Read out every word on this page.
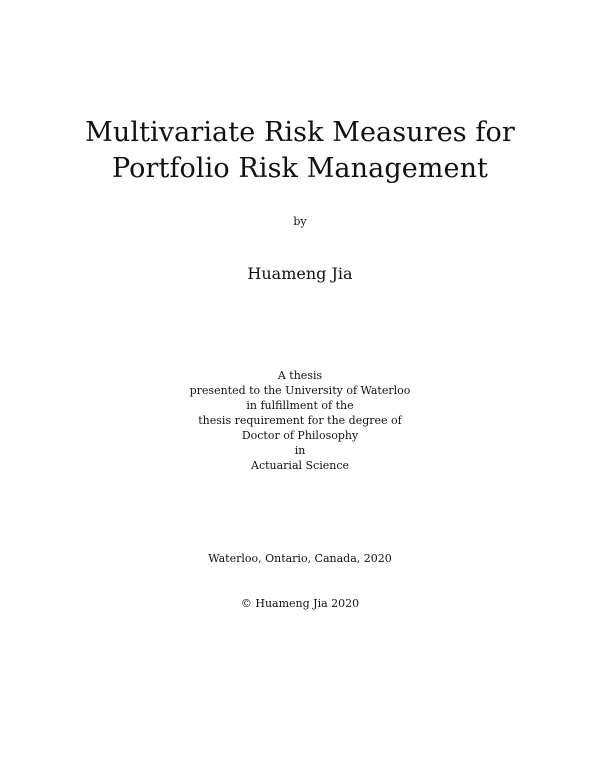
Multivariate Risk Measures for
Portfolio Risk Management
by
Huameng Jia
A thesis
presented to the University of Waterloo
in fulfillment of the
thesis requirement for the degree of
Doctor of Philosophy
in
Actuarial Science
Waterloo, Ontario, Canada, 2020
© Huameng Jia 2020
